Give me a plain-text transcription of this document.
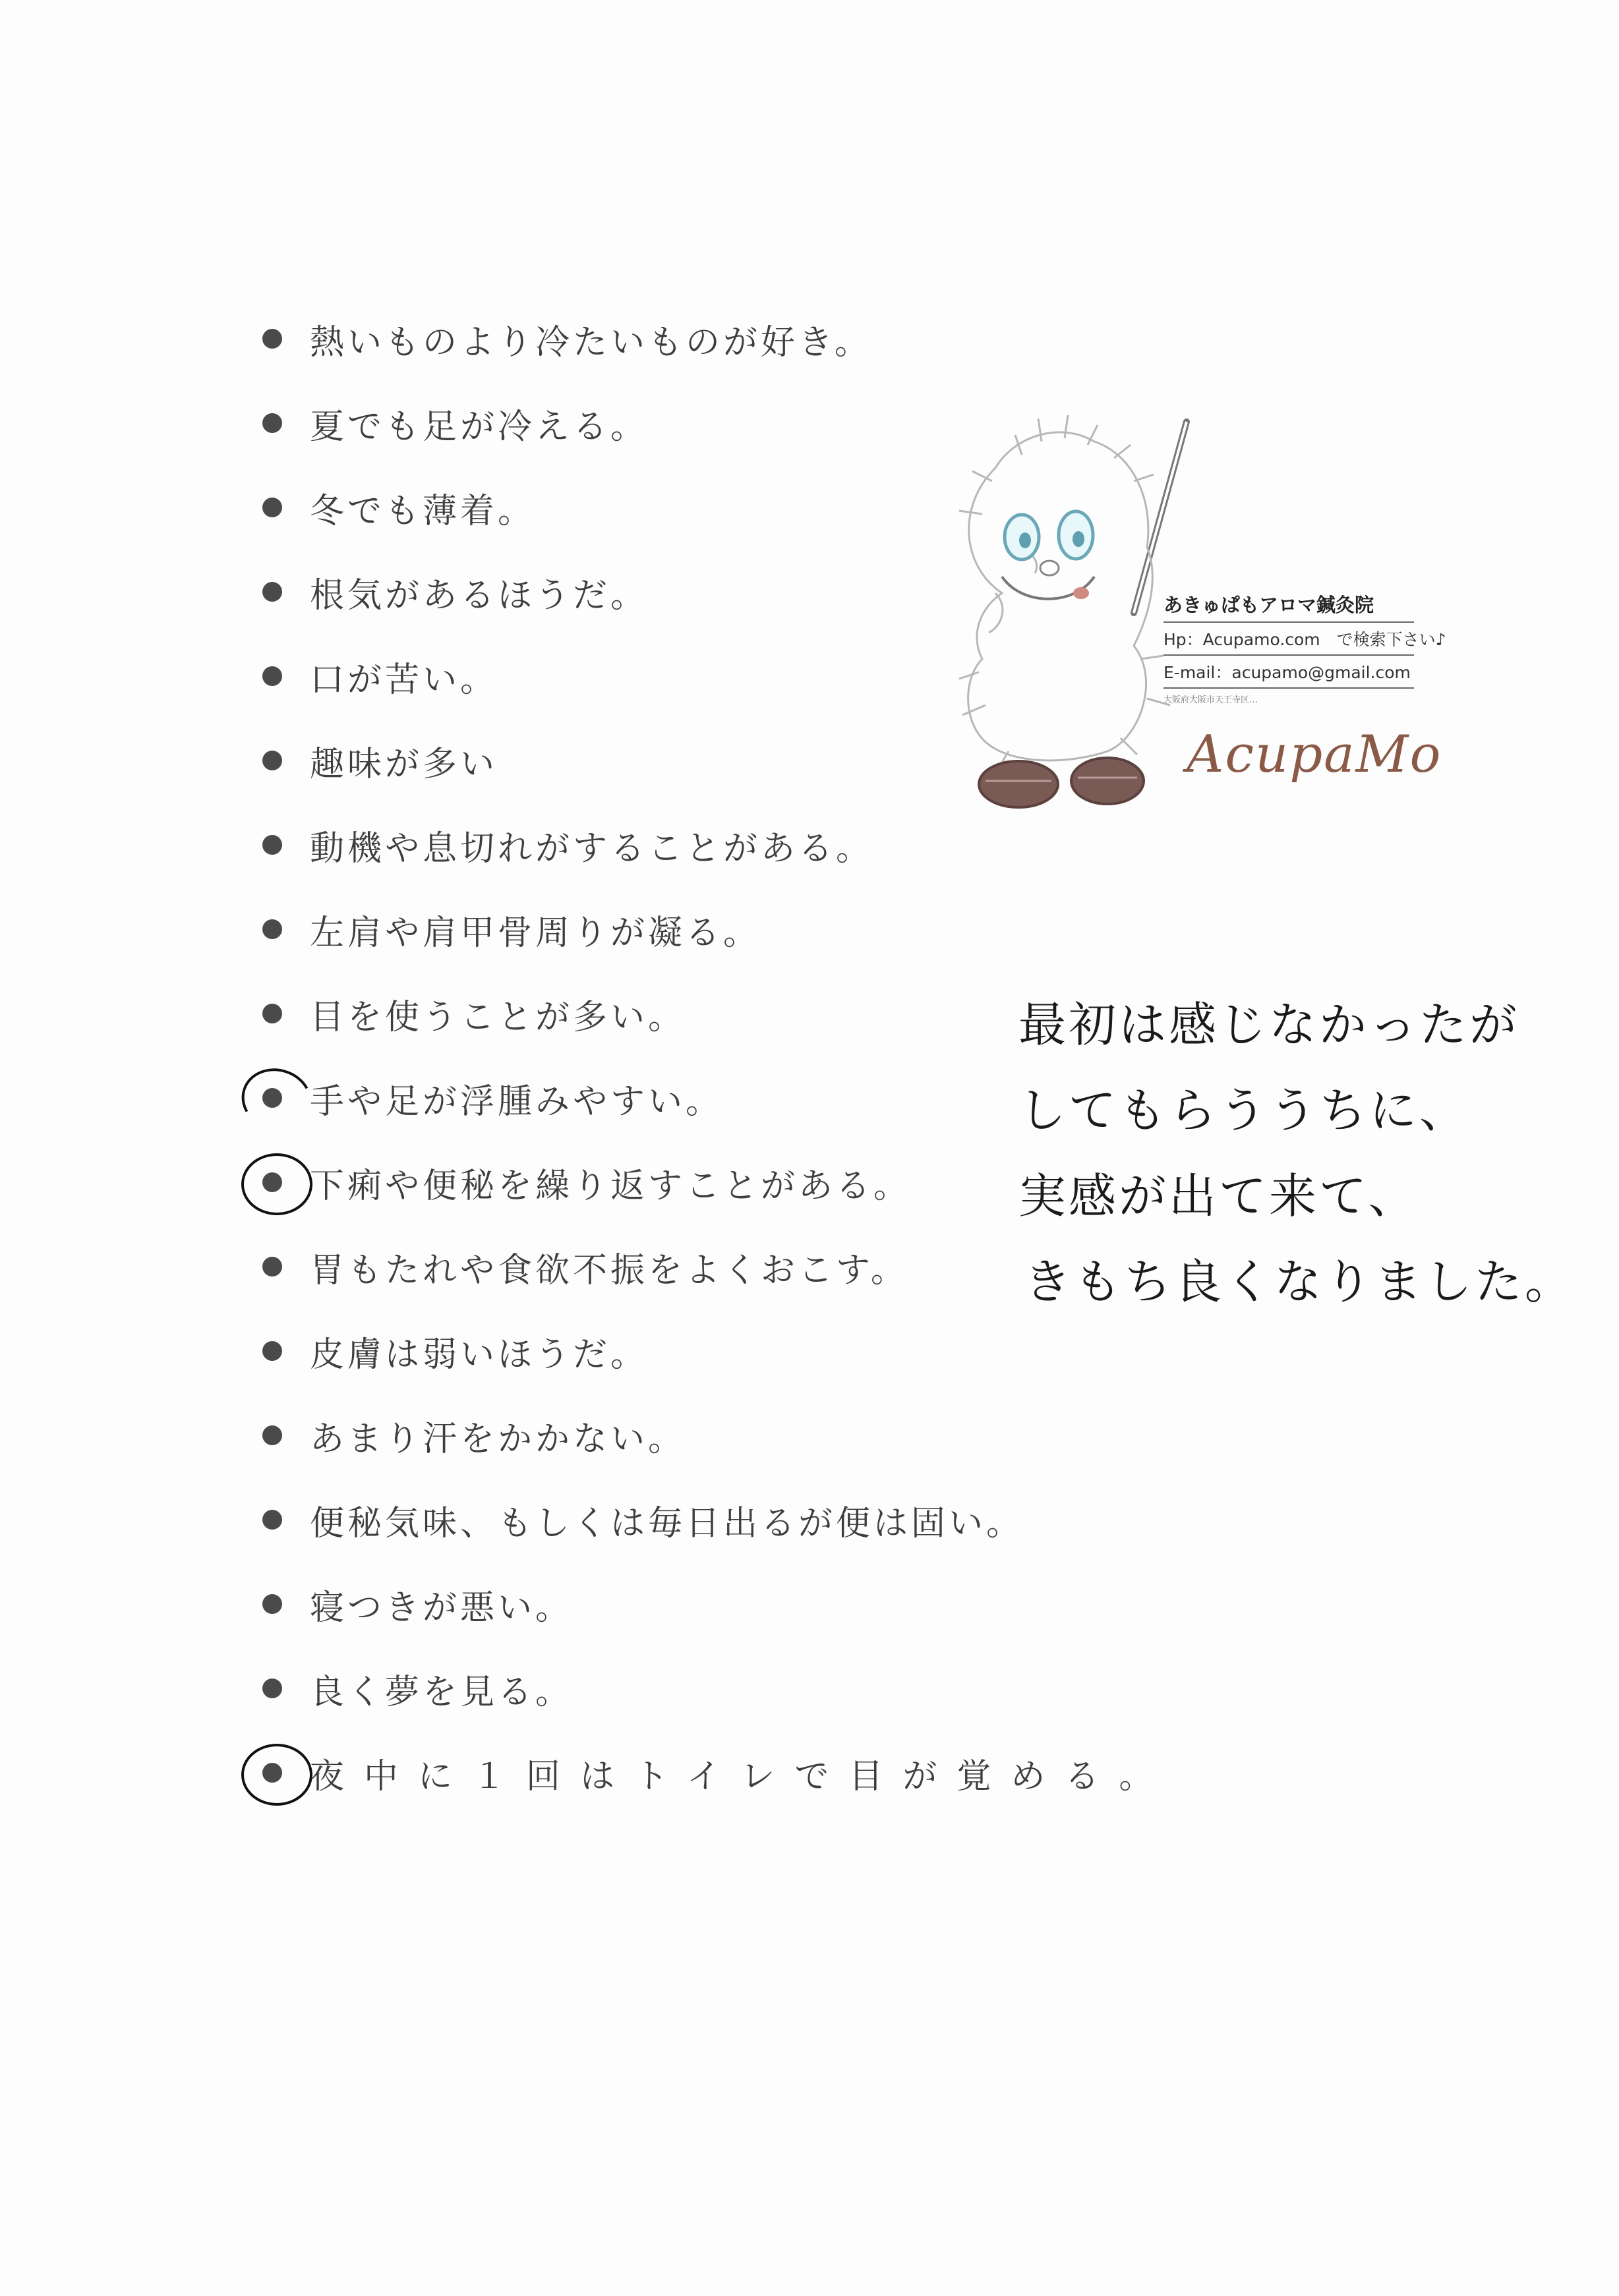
熱いものより冷たいものが好き。
夏でも足が冷える。
冬でも薄着。
根気があるほうだ。
口が苦い。
趣味が多い
動機や息切れがすることがある。
左肩や肩甲骨周りが凝る。
目を使うことが多い。
手や足が浮腫みやすい。
下痢や便秘を繰り返すことがある。
胃もたれや食欲不振をよくおこす。
皮膚は弱いほうだ。
あまり汗をかかない。
便秘気味、もしくは毎日出るが便は固い。
寝つきが悪い。
良く夢を見る。
夜中に１回はトイレで目が覚める。
あきゅぱもアロマ鍼灸院
Hp：Acupamo.com　で検索下さい♪
E-mail：acupamo@gmail.com
大阪府大阪市天王寺区…
AcupaMo
最初は感じなかったが
してもらううちに、
実感が出て来て、
きもち良くなりました。
